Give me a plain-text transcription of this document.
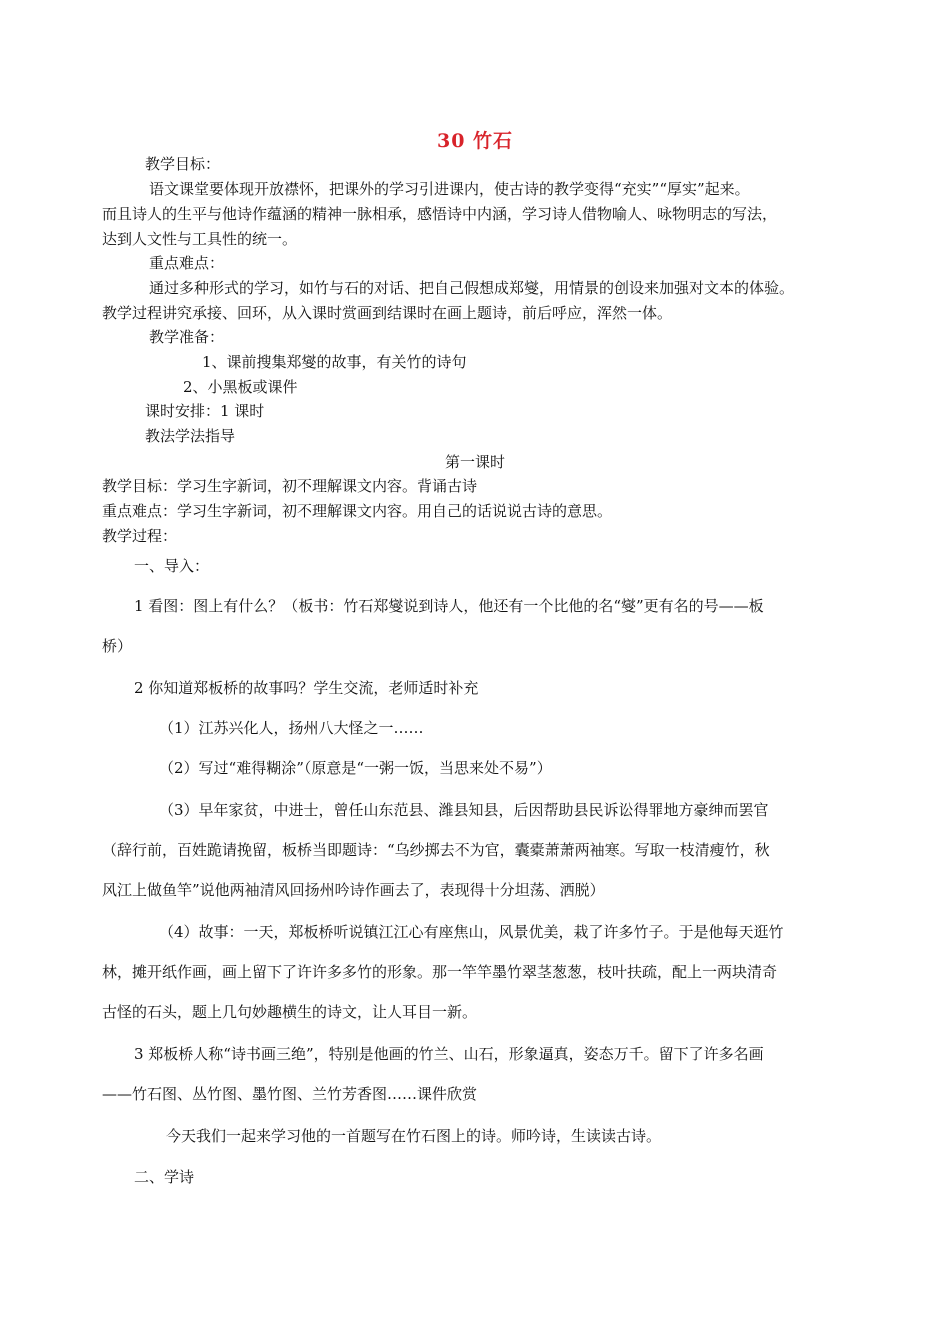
30 竹石
教学目标：
语文课堂要体现开放襟怀，把课外的学习引进课内，使古诗的教学变得“充实”“厚实”起来。
而且诗人的生平与他诗作蕴涵的精神一脉相承，感悟诗中内涵，学习诗人借物喻人、咏物明志的写法，
达到人文性与工具性的统一。
重点难点：
通过多种形式的学习，如竹与石的对话、把自己假想成郑燮，用情景的创设来加强对文本的体验。
教学过程讲究承接、回环，从入课时赏画到结课时在画上题诗，前后呼应，浑然一体。
教学准备：
1、课前搜集郑燮的故事，有关竹的诗句
2、小黑板或课件
课时安排：1 课时
教法学法指导
第一课时
教学目标：学习生字新词，初不理解课文内容。背诵古诗
重点难点：学习生字新词，初不理解课文内容。用自己的话说说古诗的意思。
教学过程：
一、导入：
1 看图：图上有什么？（板书：竹石郑燮说到诗人，他还有一个比他的名“燮”更有名的号——板
桥）
2 你知道郑板桥的故事吗？学生交流，老师适时补充
（1）江苏兴化人，扬州八大怪之一……
（2）写过“难得糊涂”（原意是“一粥一饭，当思来处不易”）
（3）早年家贫，中进士，曾任山东范县、潍县知县，后因帮助县民诉讼得罪地方豪绅而罢官
（辞行前，百姓跪请挽留，板桥当即题诗：“乌纱掷去不为官，囊橐萧萧两袖寒。写取一枝清瘦竹，秋
风江上做鱼竿”说他两袖清风回扬州吟诗作画去了，表现得十分坦荡、洒脱）
（4）故事：一天，郑板桥听说镇江江心有座焦山，风景优美，栽了许多竹子。于是他每天逛竹
林，摊开纸作画，画上留下了许许多多竹的形象。那一竿竿墨竹翠茎葱葱，枝叶扶疏，配上一两块清奇
古怪的石头，题上几句妙趣横生的诗文，让人耳目一新。
3 郑板桥人称“诗书画三绝”，特别是他画的竹兰、山石，形象逼真，姿态万千。留下了许多名画
——竹石图、丛竹图、墨竹图、兰竹芳香图……课件欣赏
今天我们一起来学习他的一首题写在竹石图上的诗。师吟诗，生读读古诗。
二、学诗
